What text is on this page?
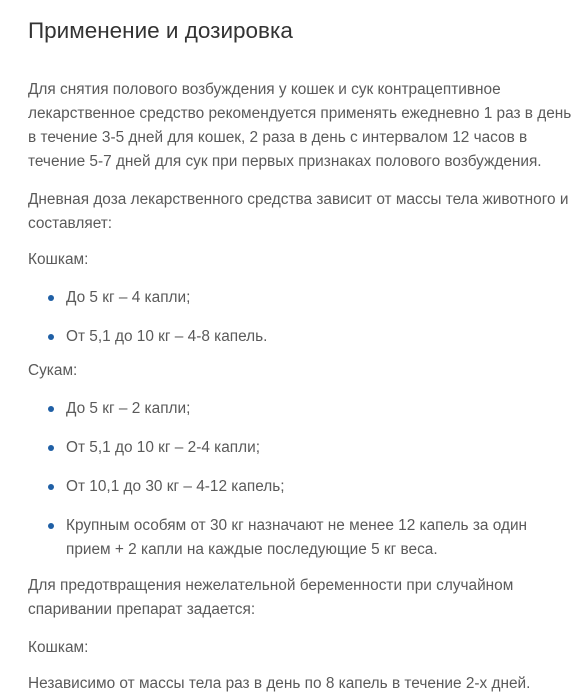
Применение и дозировка

Для снятия полового возбуждения у кошек и сук контрацептивное лекарственное средство рекомендуется применять ежедневно 1 раз в день в течение 3-5 дней для кошек, 2 раза в день с интервалом 12 часов в течение 5-7 дней для сук при первых признаках полового возбуждения.

Дневная доза лекарственного средства зависит от массы тела животного и составляет:

Кошкам:

До 5 кг – 4 капли;
От 5,1 до 10 кг – 4-8 капель.

Сукам:

До 5 кг – 2 капли;
От 5,1 до 10 кг – 2-4 капли;
От 10,1 до 30 кг – 4-12 капель;
Крупным особям от 30 кг назначают не менее 12 капель за один прием + 2 капли на каждые последующие 5 кг веса.

Для предотвращения нежелательной беременности при случайном спаривании препарат задается:

Кошкам:

Независимо от массы тела раз в день по 8 капель в течение 2-х дней.
